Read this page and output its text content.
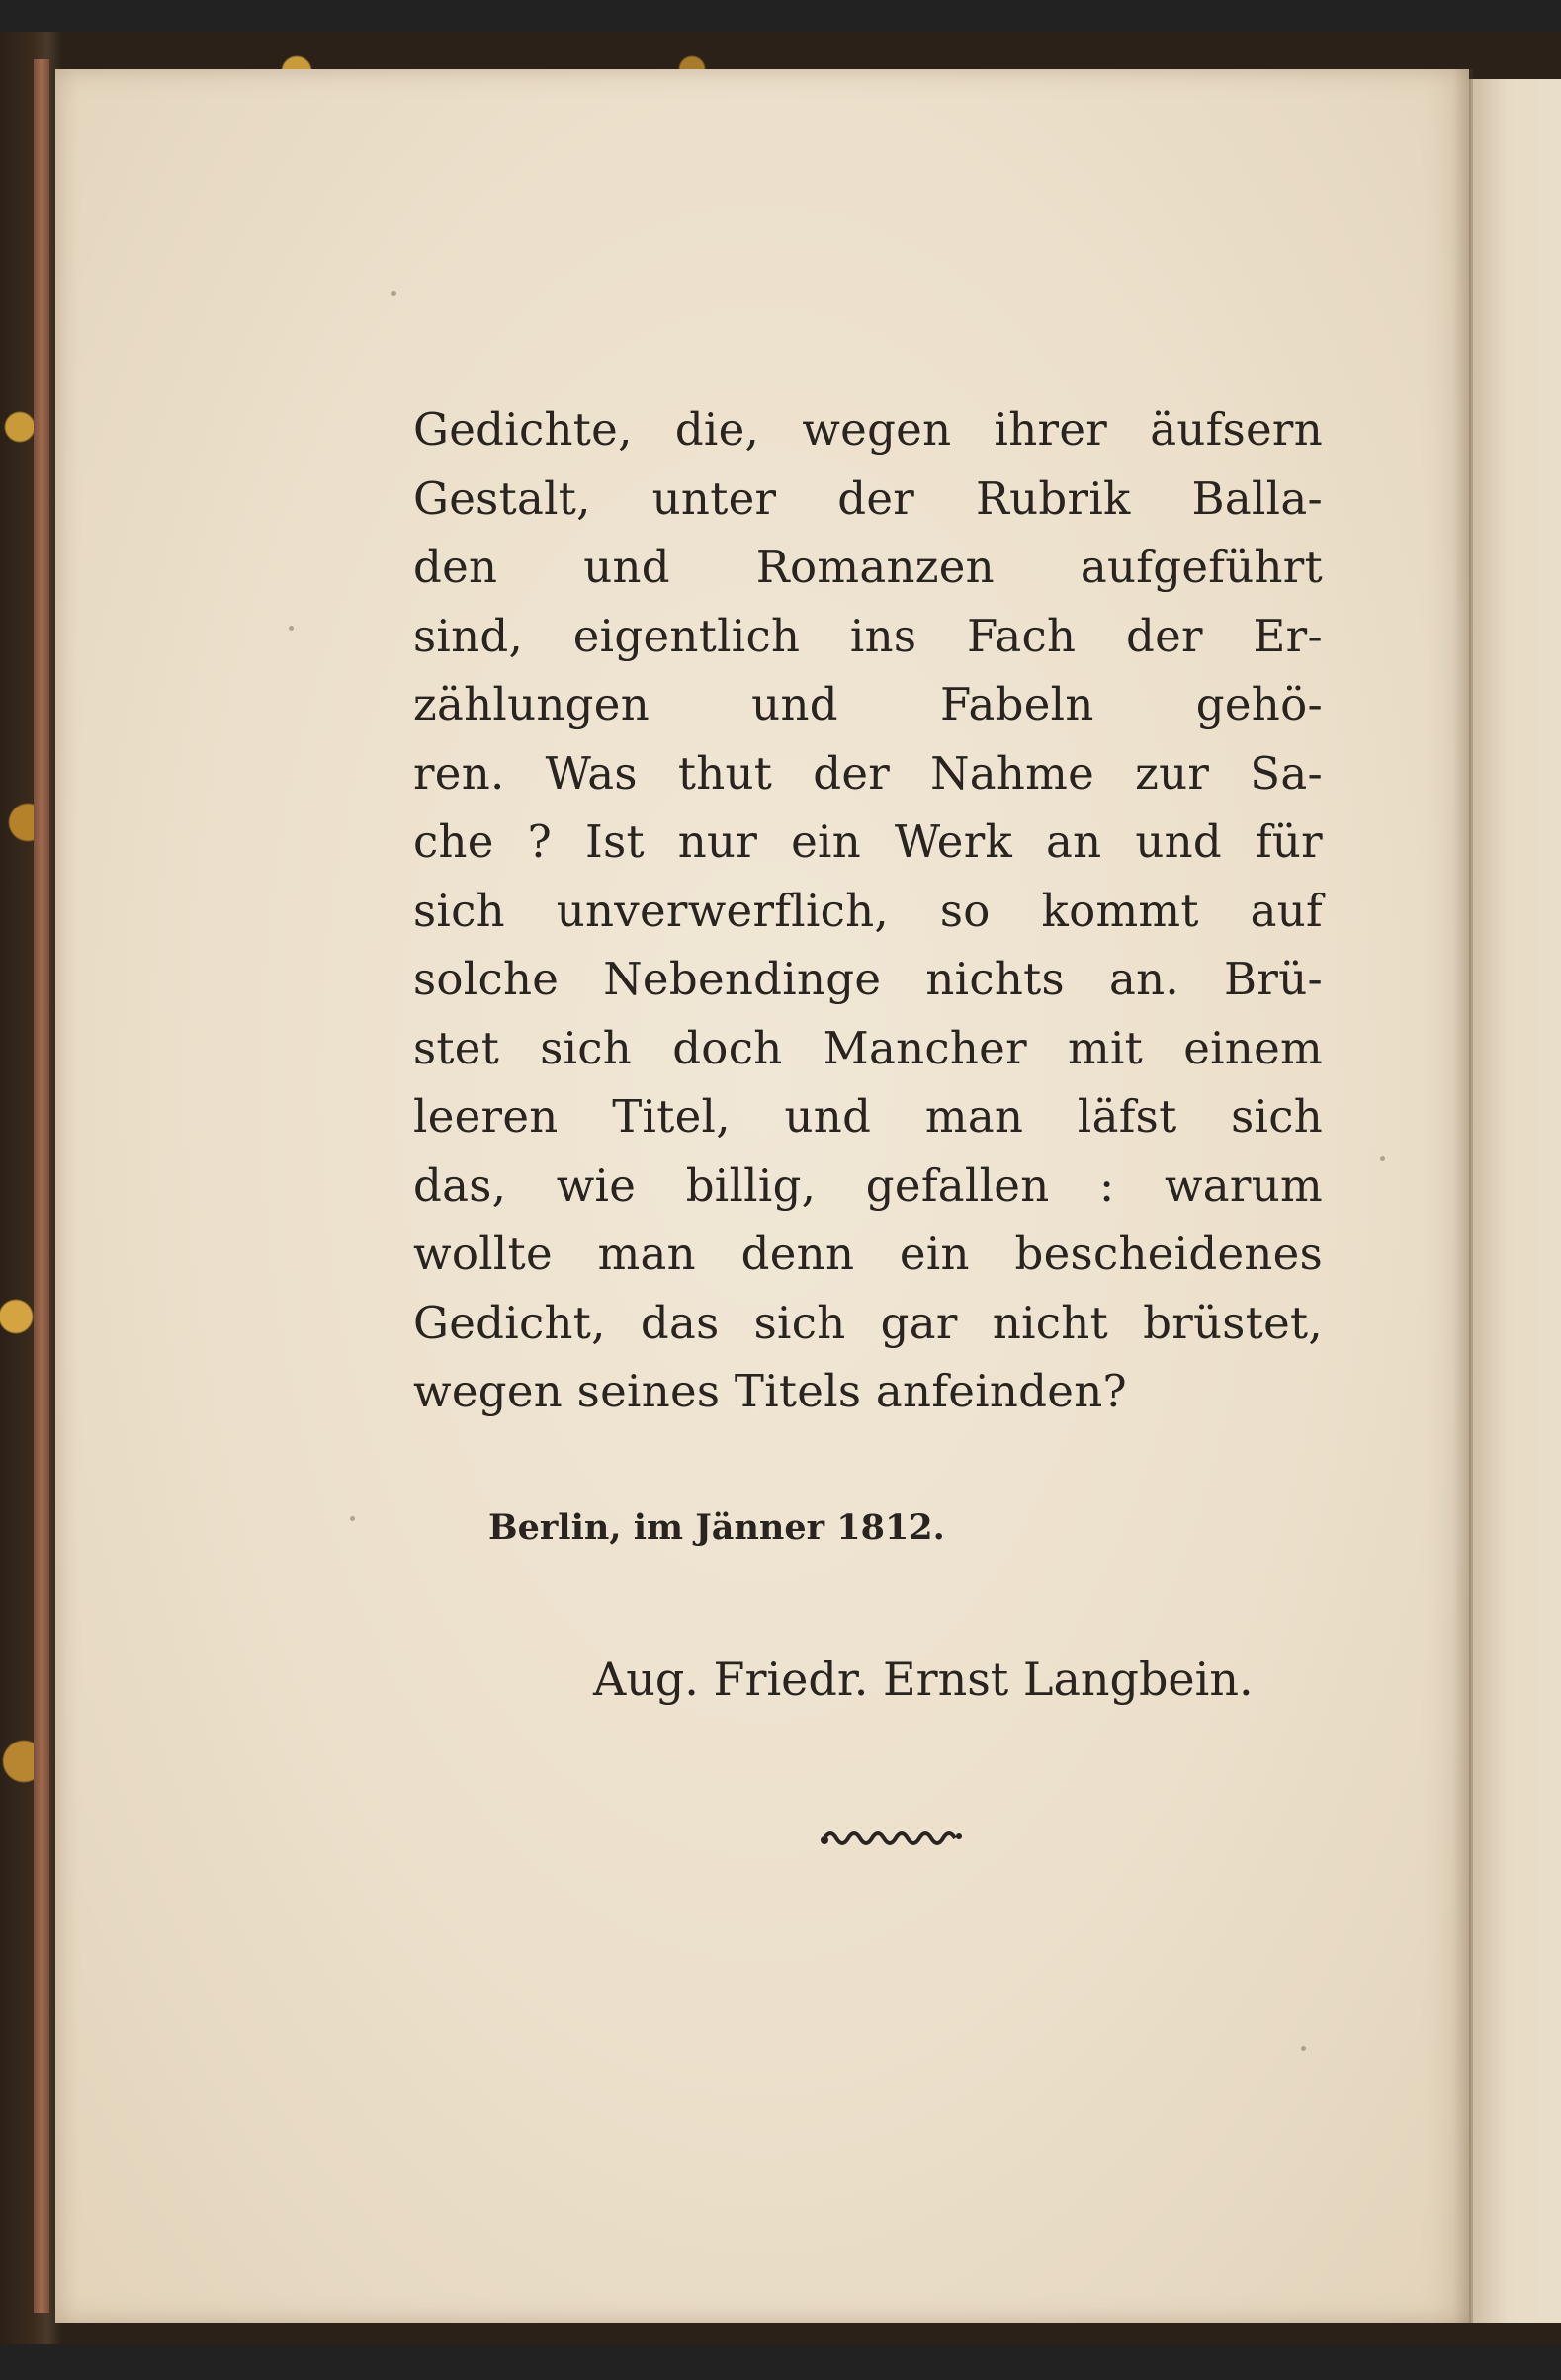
Gedichte, die, wegen ihrer äufsern
Gestalt, unter der Rubrik Balla-
den und Romanzen aufgeführt
sind, eigentlich ins Fach der Er-
zählungen und Fabeln gehö-
ren. Was thut der Nahme zur Sa-
che ? Ist nur ein Werk an und für
sich unverwerflich, so kommt auf
solche Nebendinge nichts an. Brü-
stet sich doch Mancher mit einem
leeren Titel, und man läfst sich
das, wie billig, gefallen : warum
wollte man denn ein bescheidenes
Gedicht, das sich gar nicht brüstet,
wegen seines Titels anfeinden?
Berlin, im Jänner 1812.
Aug. Friedr. Ernst Langbein.
